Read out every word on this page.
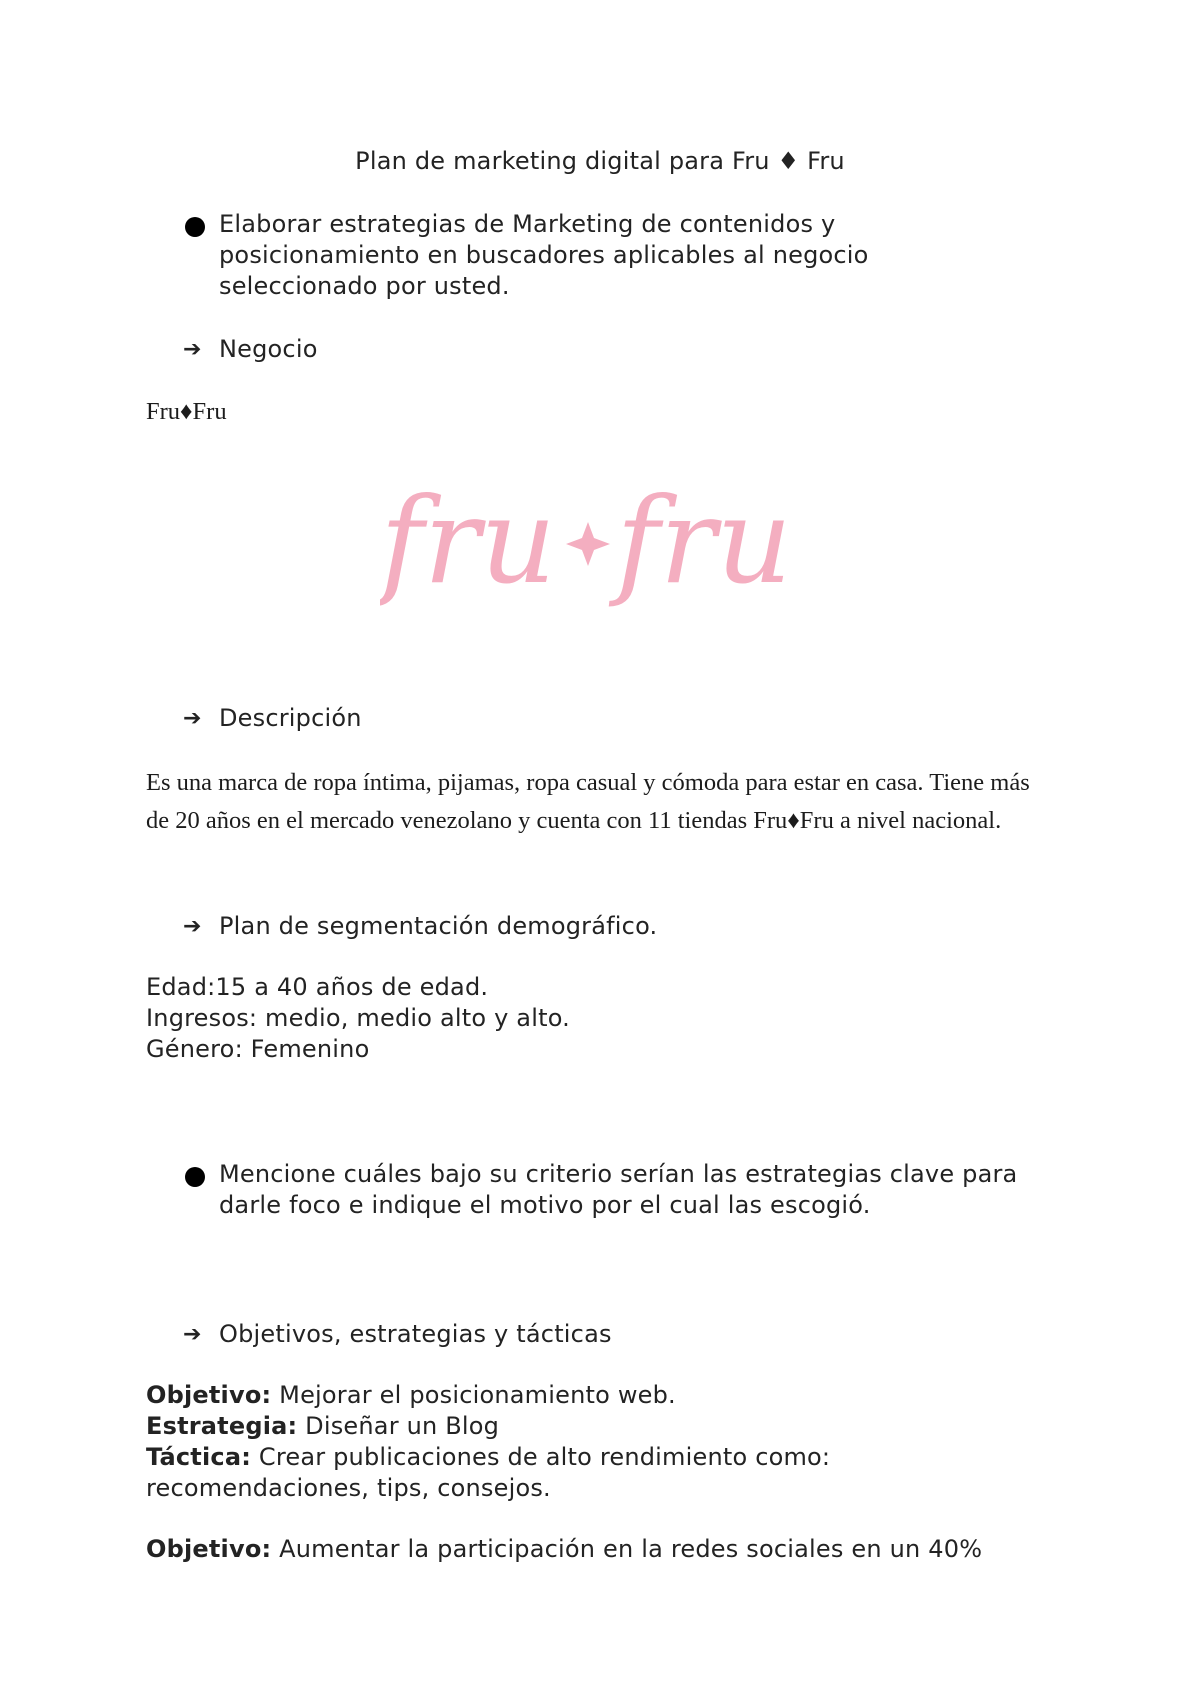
Plan de marketing digital para Fru ♦ Fru
Elaborar estrategias de Marketing de contenidos y
posicionamiento en buscadores aplicables al negocio
seleccionado por usted.
➔ Negocio
Fru♦Fru
fru fru
➔ Descripción
Es una marca de ropa íntima, pijamas, ropa casual y cómoda para estar en casa. Tiene más
de 20 años en el mercado venezolano y cuenta con 11 tiendas Fru♦Fru a nivel nacional.
➔ Plan de segmentación demográfico.
Edad:15 a 40 años de edad.
Ingresos: medio, medio alto y alto.
Género: Femenino
Mencione cuáles bajo su criterio serían las estrategias clave para
darle foco e indique el motivo por el cual las escogió.
➔ Objetivos, estrategias y tácticas
Objetivo: Mejorar el posicionamiento web.
Estrategia: Diseñar un Blog
Táctica: Crear publicaciones de alto rendimiento como:
recomendaciones, tips, consejos.
Objetivo: Aumentar la participación en la redes sociales en un 40%
